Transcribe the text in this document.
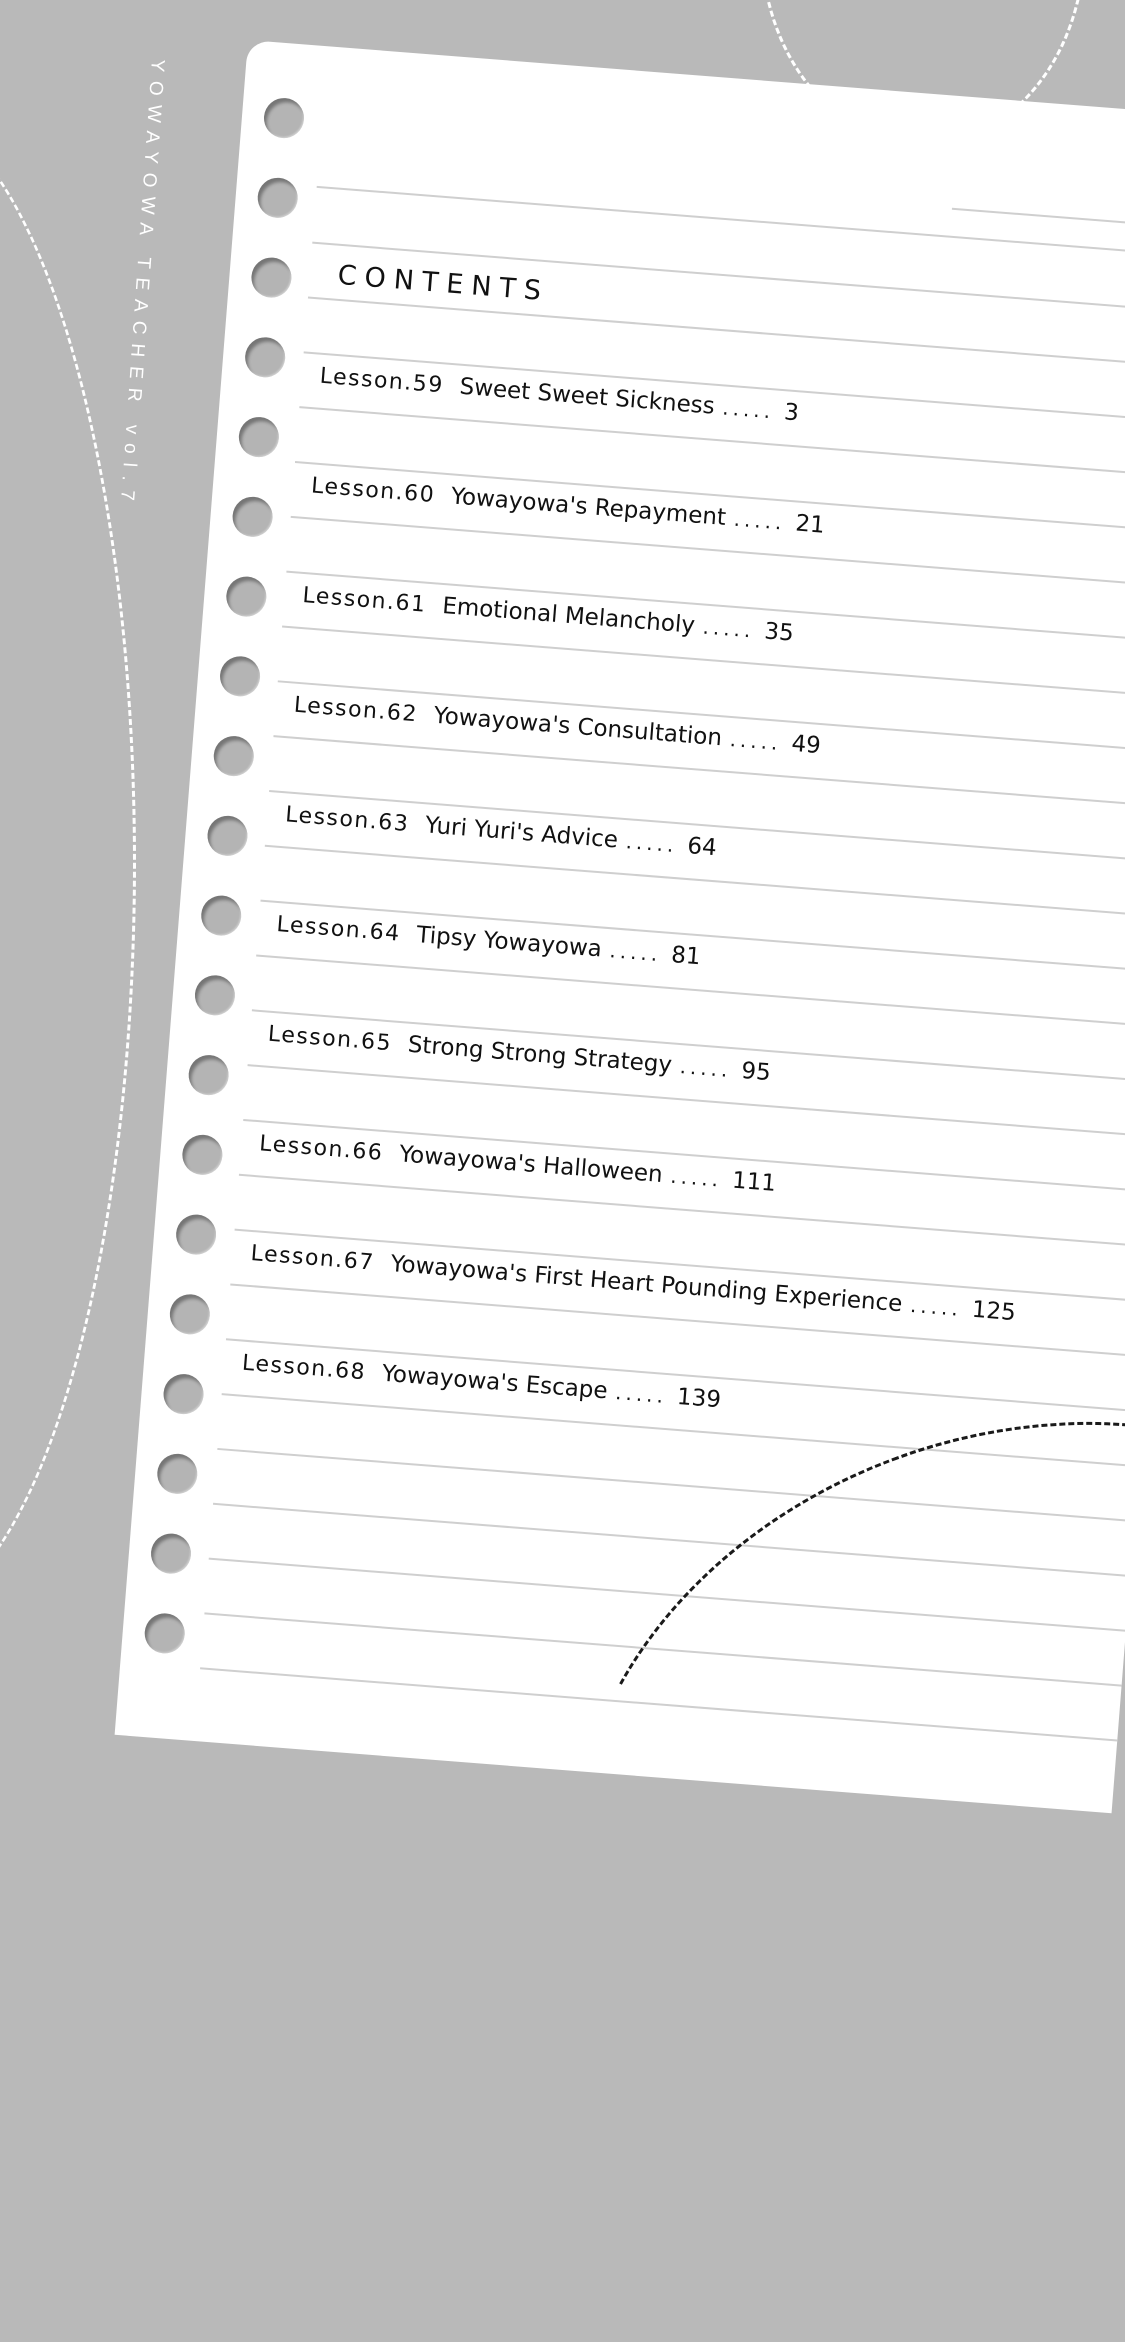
YOWAYOWA TEACHER vol.7	CONTENTS
Lesson.59 Sweet Sweet Sickness ..... 3
Lesson.60 Yowayowa's Repayment ..... 21
Lesson.61 Emotional Melancholy ..... 35
Lesson.62 Yowayowa's Consultation ..... 49
Lesson.63 Yuri Yuri's Advice ..... 64
Lesson.64 Tipsy Yowayowa ..... 81
Lesson.65 Strong Strong Strategy ..... 95
Lesson.66 Yowayowa's Halloween ..... 111
Lesson.67 Yowayowa's First Heart Pounding Experience ..... 125
Lesson.68 Yowayowa's Escape ..... 139
